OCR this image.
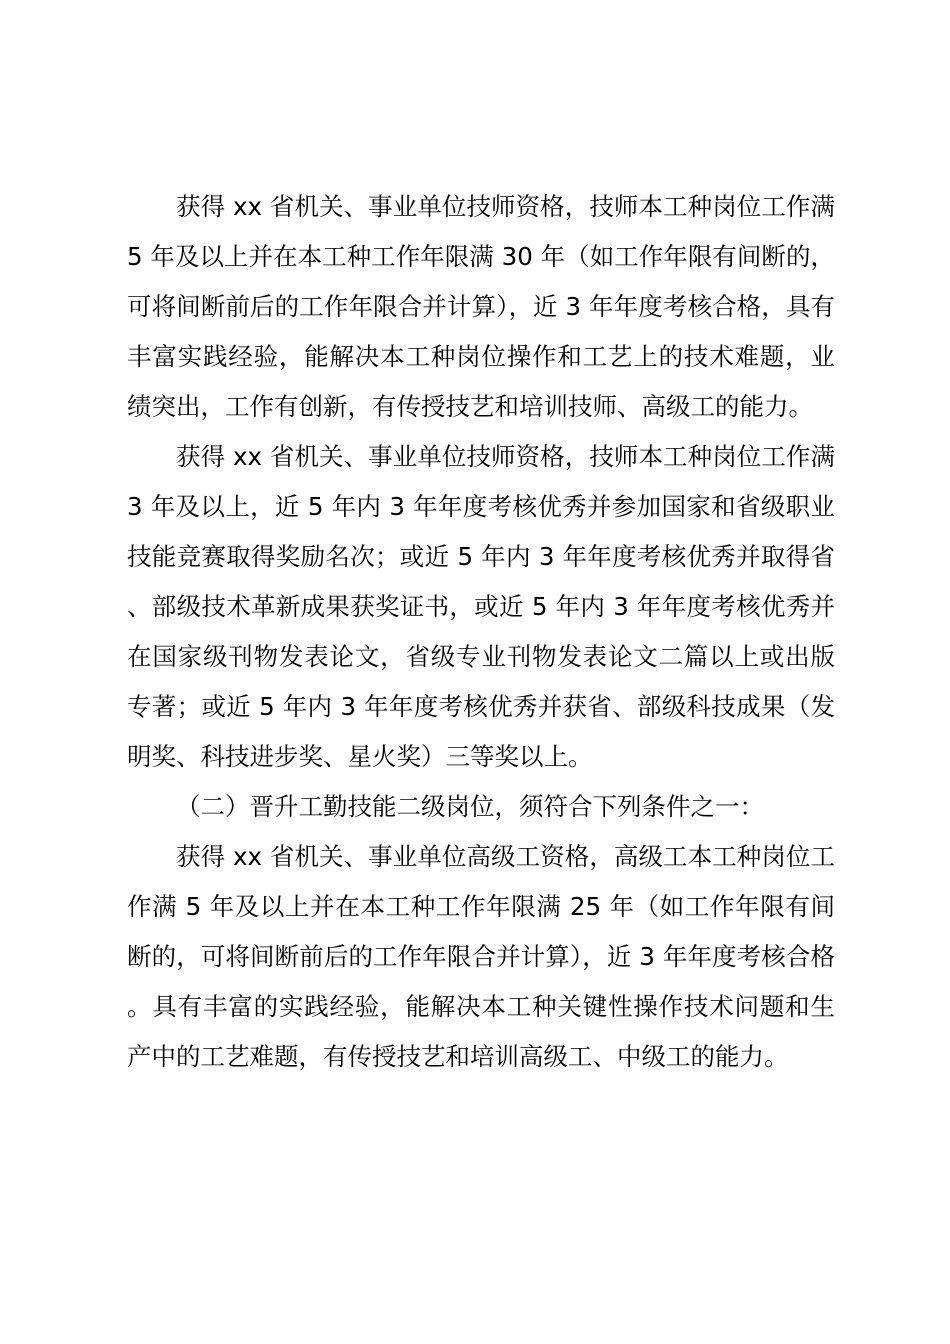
获得 xx 省机关、事业单位技师资格，技师本工种岗位工作满 5 年及以上并在本工种工作年限满 30 年（如工作年限有间断的，可将间断前后的工作年限合并计算），近 3 年年度考核合格，具有丰富实践经验，能解决本工种岗位操作和工艺上的技术难题，业绩突出，工作有创新，有传授技艺和培训技师、高级工的能力。

获得 xx 省机关、事业单位技师资格，技师本工种岗位工作满 3 年及以上，近 5 年内 3 年年度考核优秀并参加国家和省级职业技能竞赛取得奖励名次；或近 5 年内 3 年年度考核优秀并取得省、部级技术革新成果获奖证书，或近 5 年内 3 年年度考核优秀并在国家级刊物发表论文，省级专业刊物发表论文二篇以上或出版专著；或近 5 年内 3 年年度考核优秀并获省、部级科技成果（发明奖、科技进步奖、星火奖）三等奖以上。

（二）晋升工勤技能二级岗位，须符合下列条件之一：

获得 xx 省机关、事业单位高级工资格，高级工本工种岗位工作满 5 年及以上并在本工种工作年限满 25 年（如工作年限有间断的，可将间断前后的工作年限合并计算），近 3 年年度考核合格。具有丰富的实践经验，能解决本工种关键性操作技术问题和生产中的工艺难题，有传授技艺和培训高级工、中级工的能力。
